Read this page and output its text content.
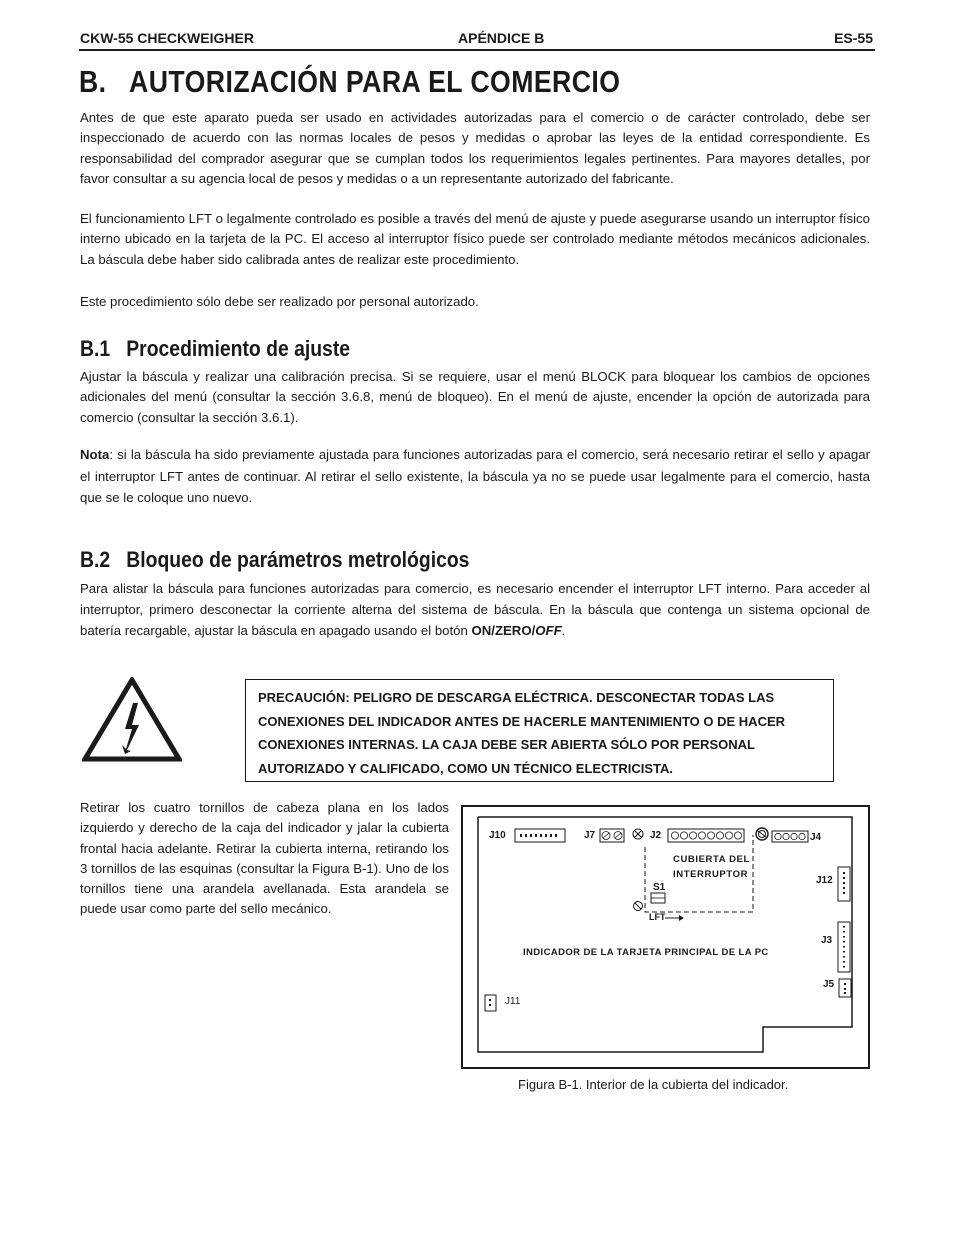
CKW-55 CHECKWEIGHER	APÉNDICE B	ES-55
B.   AUTORIZACIÓN PARA EL COMERCIO

Antes de que este aparato pueda ser usado en actividades autorizadas para el comercio o de carácter controlado, debe ser inspeccionado de acuerdo con las normas locales de pesos y medidas o aprobar las leyes de la entidad correspondiente. Es responsabilidad del comprador asegurar que se cumplan todos los requerimientos legales pertinentes. Para mayores detalles, por favor consultar a su agencia local de pesos y medidas o a un representante autorizado del fabricante.

El funcionamiento LFT o legalmente controlado es posible a través del menú de ajuste y puede asegurarse usando un interruptor físico interno ubicado en la tarjeta de la PC. El acceso al interruptor físico puede ser controlado mediante métodos mecánicos adicionales. La báscula debe haber sido calibrada antes de realizar este procedimiento.

Este procedimiento sólo debe ser realizado por personal autorizado.

B.1   Procedimiento de ajuste

Ajustar la báscula y realizar una calibración precisa. Si se requiere, usar el menú BLOCK para bloquear los cambios de opciones adicionales del menú (consultar la sección 3.6.8, menú de bloqueo). En el menú de ajuste, encender la opción de autorizada para comercio (consultar la sección 3.6.1).

Nota: si la báscula ha sido previamente ajustada para funciones autorizadas para el comercio, será necesario retirar el sello y apagar el interruptor LFT antes de continuar. Al retirar el sello existente, la báscula ya no se puede usar legalmente para el comercio, hasta que se le coloque uno nuevo.

B.2   Bloqueo de parámetros metrológicos

Para alistar la báscula para funciones autorizadas para comercio, es necesario encender el interruptor LFT interno. Para acceder al interruptor, primero desconectar la corriente alterna del sistema de báscula. En la báscula que contenga un sistema opcional de batería recargable, ajustar la báscula en apagado usando el botón ON/ZERO/OFF.

PRECAUCIÓN: PELIGRO DE DESCARGA ELÉCTRICA. DESCONECTAR TODAS LAS CONEXIONES DEL INDICADOR ANTES DE HACERLE MANTENIMIENTO O DE HACER CONEXIONES INTERNAS. LA CAJA DEBE SER ABIERTA SÓLO POR PERSONAL AUTORIZADO Y CALIFICADO, COMO UN TÉCNICO ELECTRICISTA.

Retirar los cuatro tornillos de cabeza plana en los lados izquierdo y derecho de la caja del indicador y jalar la cubierta frontal hacia adelante. Retirar la cubierta interna, retirando los 3 tornillos de las esquinas (consultar la Figura B-1). Uno de los tornillos tiene una arandela avellanada. Esta arandela se puede usar como parte del sello mecánico.

J10	J7	J2	J4
CUBIERTA DEL
INTERRUPTOR
S1
LFT
J12
J3
J5
J11
INDICADOR DE LA TARJETA PRINCIPAL DE LA PC
Figura B-1. Interior de la cubierta del indicador.
